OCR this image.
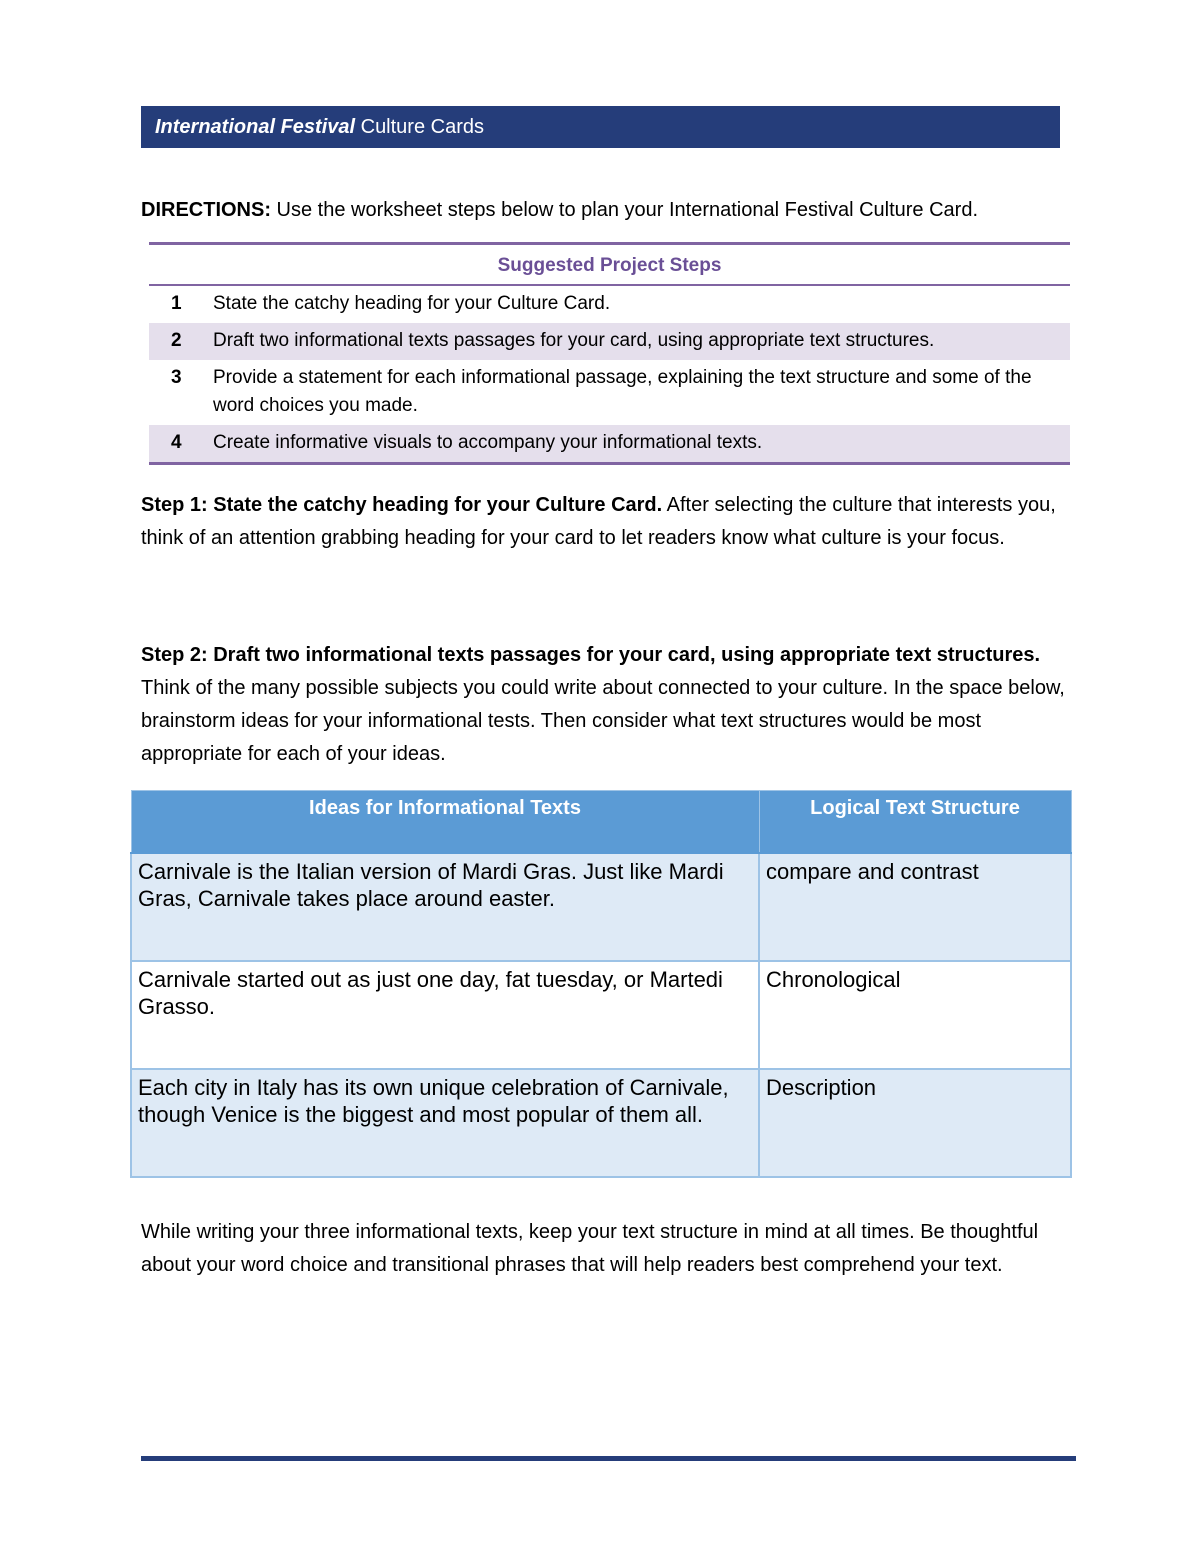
International Festival Culture Cards
DIRECTIONS: Use the worksheet steps below to plan your International Festival Culture Card.
Suggested Project Steps
1	State the catchy heading for your Culture Card.
2	Draft two informational texts passages for your card, using appropriate text structures.
3	Provide a statement for each informational passage, explaining the text structure and some of the word choices you made.
4	Create informative visuals to accompany your informational texts.
Step 1: State the catchy heading for your Culture Card. After selecting the culture that interests you, think of an attention grabbing heading for your card to let readers know what culture is your focus.
Step 2: Draft two informational texts passages for your card, using appropriate text structures. Think of the many possible subjects you could write about connected to your culture. In the space below, brainstorm ideas for your informational tests. Then consider what text structures would be most appropriate for each of your ideas.
Ideas for Informational Texts	Logical Text Structure
Carnivale is the Italian version of Mardi Gras. Just like Mardi Gras, Carnivale takes place around easter.	compare and contrast
Carnivale started out as just one day, fat tuesday, or Martedi Grasso.	Chronological
Each city in Italy has its own unique celebration of Carnivale, though Venice is the biggest and most popular of them all.	Description
While writing your three informational texts, keep your text structure in mind at all times. Be thoughtful about your word choice and transitional phrases that will help readers best comprehend your text.
